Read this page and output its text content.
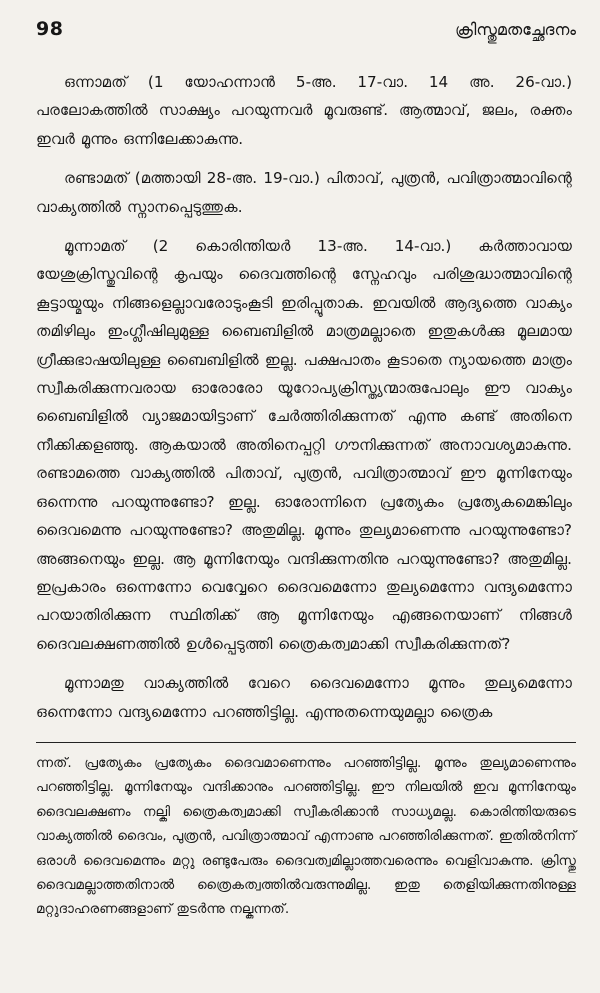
98	ക്രിസ്തുമതച്ഛേദനം

ഒന്നാമത് (1 യോഹന്നാൻ 5-അ. 17-വാ. 14 അ. 26-വാ.) പരലോകത്തിൽ സാക്ഷ്യം പറയുന്നവർ മൂവരുണ്ട്. ആത്മാവ്, ജലം, രക്തം ഇവർ മൂന്നും ഒന്നിലേക്കാകുന്നു.

രണ്ടാമത് (മത്തായി 28-അ. 19-വാ.) പിതാവ്, പുത്രൻ, പവിത്രാത്മാവിന്റെ വാക്യത്തിൽ സ്നാനപ്പെടുത്തുക.

മൂന്നാമത് (2 കൊരിന്തിയർ 13-അ. 14-വാ.) കർത്താവായ യേശുക്രിസ്തുവിന്റെ കൃപയും ദൈവത്തിന്റെ സ്നേഹവും പരിശുദ്ധാത്മാവിന്റെ കൂട്ടായ്മയും നിങ്ങളെല്ലാവരോടുംകൂടി ഇരിപ്പൂതാക. ഇവയിൽ ആദ്യത്തെ വാക്യം തമിഴിലും ഇംഗ്ലീഷിലുമുള്ള ബൈബിളിൽ മാത്രമല്ലാതെ ഇതുകൾക്കു മൂലമായ ഗ്രീക്കുഭാഷയിലുള്ള ബൈബിളിൽ ഇല്ല. പക്ഷപാതം കൂടാതെ ന്യായത്തെ മാത്രം സ്വീകരിക്കുന്നവരായ ഓരോരോ യൂറോപ്യക്രിസ്ത്യന്മാരുപോലും ഈ വാക്യം ബൈബിളിൽ വ്യാജമായിട്ടാണ് ചേർത്തിരിക്കുന്നത് എന്നു കണ്ട് അതിനെ നീക്കിക്കളഞ്ഞു. ആകയാൽ അതിനെപ്പറ്റി ഗൗനിക്കുന്നത് അനാവശ്യമാകുന്നു. രണ്ടാമത്തെ വാക്യത്തിൽ പിതാവ്, പുത്രൻ, പവിത്രാത്മാവ് ഈ മൂന്നിനേയും ഒന്നെന്നു പറയുന്നുണ്ടോ? ഇല്ല. ഓരോന്നിനെ പ്രത്യേകം പ്രത്യേകമെങ്കിലും ദൈവമെന്നു പറയുന്നുണ്ടോ? അതുമില്ല. മൂന്നും തുല്യമാണെന്നു പറയുന്നുണ്ടോ? അങ്ങനെയും ഇല്ല. ആ മൂന്നിനേയും വന്ദിക്കുന്നതിനു പറയുന്നുണ്ടോ? അതുമില്ല. ഇപ്രകാരം ഒന്നെന്നോ വെവ്വേറെ ദൈവമെന്നോ തുല്യമെന്നോ വന്ദ്യമെന്നോ പറയാതിരിക്കുന്ന സ്ഥിതിക്ക് ആ മൂന്നിനേയും എങ്ങനെയാണ് നിങ്ങൾ ദൈവലക്ഷണത്തിൽ ഉൾപ്പെടുത്തി ത്രൈകത്വമാക്കി സ്വീകരിക്കുന്നത്?

മൂന്നാമതു വാക്യത്തിൽ വേറെ ദൈവമെന്നോ മൂന്നും തുല്യമെന്നോ ഒന്നെന്നോ വന്ദ്യമെന്നോ പറഞ്ഞിട്ടില്ല. എന്നുതന്നെയുമല്ലാ ത്രൈക

ന്നത്. പ്രത്യേകം പ്രത്യേകം ദൈവമാണെന്നും പറഞ്ഞിട്ടില്ല. മൂന്നും തുല്യമാണെന്നും പറഞ്ഞിട്ടില്ല. മൂന്നിനേയും വന്ദിക്കാനും പറഞ്ഞിട്ടില്ല. ഈ നിലയിൽ ഇവ മൂന്നിനേയും ദൈവലക്ഷണം നല്കി ത്രൈകത്വമാക്കി സ്വീകരിക്കാൻ സാധ്യമല്ല. കൊരിന്തിയരുടെ വാക്യത്തിൽ ദൈവം, പുത്രൻ, പവിത്രാത്മാവ് എന്നാണു പറഞ്ഞിരിക്കുന്നത്. ഇതിൽനിന്ന് ഒരാൾ ദൈവമെന്നും മറ്റു രണ്ടുപേരും ദൈവത്വമില്ലാത്തവരെന്നും വെളിവാകുന്നു. ക്രിസ്തു ദൈവമല്ലാത്തതിനാൽ ത്രൈകത്വത്തിൽവരുന്നുമില്ല. ഇതു തെളിയിക്കുന്നതിനുള്ള മറ്റുദാഹരണങ്ങളാണ് തുടർന്നു നല്കുന്നത്.
